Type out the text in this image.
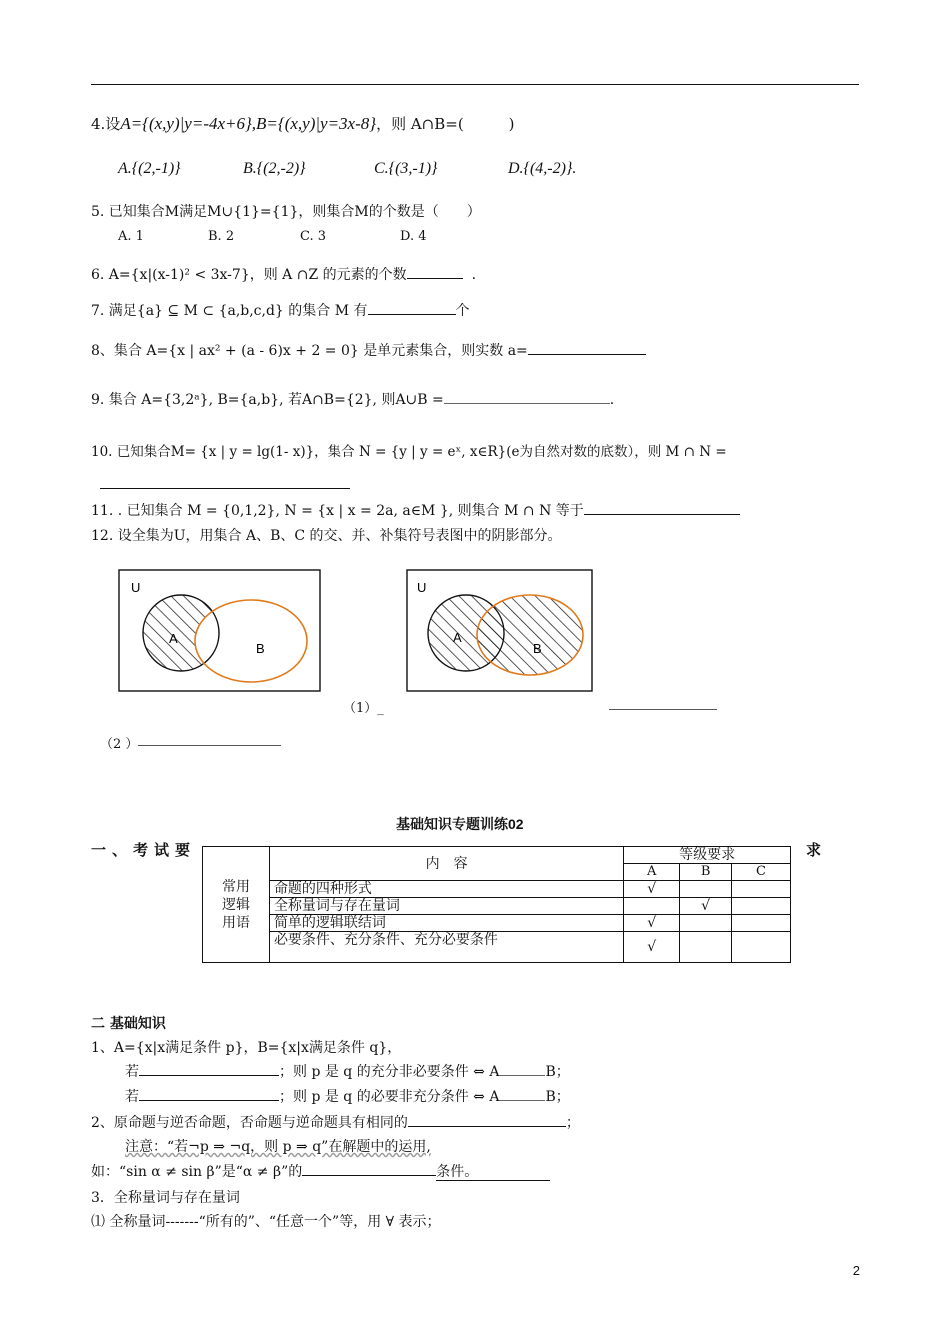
4.设A={(x,y)|y=-4x+6},B={(x,y)|y=3x-8}，则 A∩B=(　　　)
A.{(2,-1)}	B.{(2,-2)}	C.{(3,-1)}	D.{(4,-2)}.
5. 已知集合M满足M∪{1}={1}，则集合M的个数是（　　）
A. 1	B. 2	C. 3	D. 4
6. A={x|(x-1)² < 3x-7}，则 A ∩Z 的元素的个数	.
7. 满足{a} ⊆ M ⊂ {a,b,c,d} 的集合 M 有	个
8、集合 A={x | ax² + (a - 6)x + 2 = 0} 是单元素集合，则实数 a=
9. 集合 A={3,2ᵃ}, B={a,b}, 若A∩B={2}, 则A∪B =	.
10. 已知集合M= {x | y = lg(1- x)}，集合 N = {y | y = eˣ, x∈R}(e为自然对数的底数），则 M ∩ N =
11. . 已知集合 M = {0,1,2}, N = {x | x = 2a, a∈M }, 则集合 M ∩ N 等于
12. 设全集为U，用集合 A、B、C 的交、并、补集符号表图中的阴影部分。
U
A
B
U
A
B
（1）_
（2 ）
基础知识专题训练02
一、考试要	求
常用逻辑用语	内　容	等级要求		
		A	B	C
	命题的四种形式	√		
	全称量词与存在量词		√	
	简单的逻辑联结词	√		
	必要条件、充分条件、充分必要条件	√		
二 基础知识
1、A={x|x满足条件 p}，B={x|x满足条件 q}，
若	；则 p 是 q 的充分非必要条件 ⇔ A	B；
若	；则 p 是 q 的必要非充分条件 ⇔ A	B；
2、原命题与逆否命题，否命题与逆命题具有相同的	；
注意：“若¬p ⇒ ¬q，则 p ⇒ q”在解题中的运用,
如：“sin α ≠ sin β”是“α ≠ β”的	条件。
3．全称量词与存在量词
⑴ 全称量词-------“所有的”、“任意一个”等，用 ∀ 表示；
2
